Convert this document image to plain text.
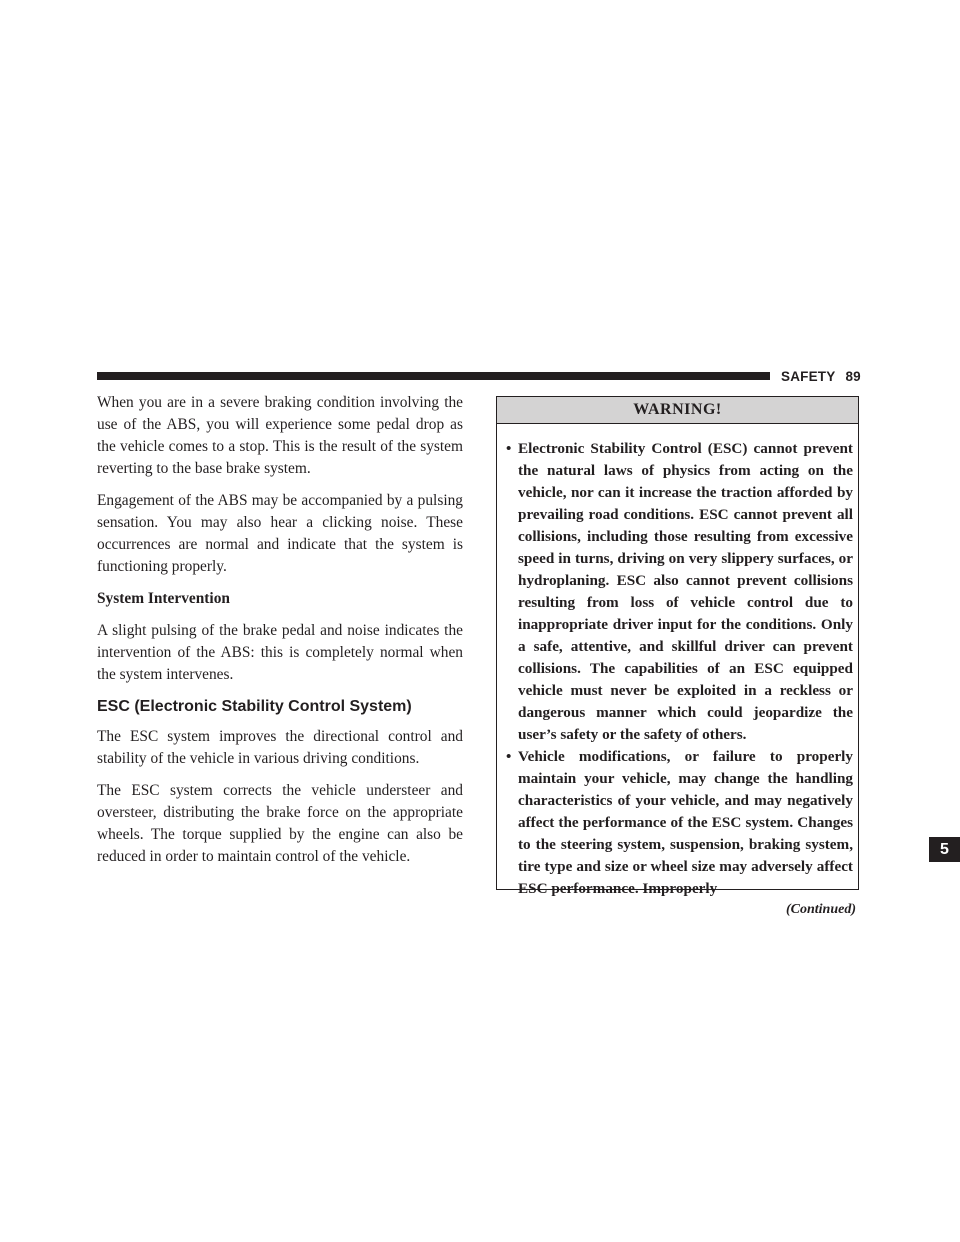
SAFETY 89
5

When you are in a severe braking condition involving the use of the ABS, you will experience some pedal drop as the vehicle comes to a stop. This is the result of the system reverting to the base brake system.

Engagement of the ABS may be accompanied by a pulsing sensation. You may also hear a clicking noise. These occurrences are normal and indicate that the system is functioning properly.

System Intervention

A slight pulsing of the brake pedal and noise indicates the intervention of the ABS: this is completely normal when the system intervenes.

ESC (Electronic Stability Control System)

The ESC system improves the directional control and stability of the vehicle in various driving conditions.

The ESC system corrects the vehicle understeer and oversteer, distributing the brake force on the appropriate wheels. The torque supplied by the engine can also be reduced in order to maintain control of the vehicle.

WARNING!
• Electronic Stability Control (ESC) cannot prevent the natural laws of physics from acting on the vehicle, nor can it increase the traction afforded by prevailing road conditions. ESC cannot prevent all collisions, including those resulting from excessive speed in turns, driving on very slippery surfaces, or hydroplaning. ESC also cannot prevent collisions resulting from loss of vehicle control due to inappropriate driver input for the conditions. Only a safe, attentive, and skillful driver can prevent collisions. The capabilities of an ESC equipped vehicle must never be exploited in a reckless or dangerous manner which could jeopardize the user’s safety or the safety of others.
• Vehicle modifications, or failure to properly maintain your vehicle, may change the handling characteristics of your vehicle, and may negatively affect the performance of the ESC system. Changes to the steering system, suspension, braking system, tire type and size or wheel size may adversely affect ESC performance. Improperly
(Continued)
